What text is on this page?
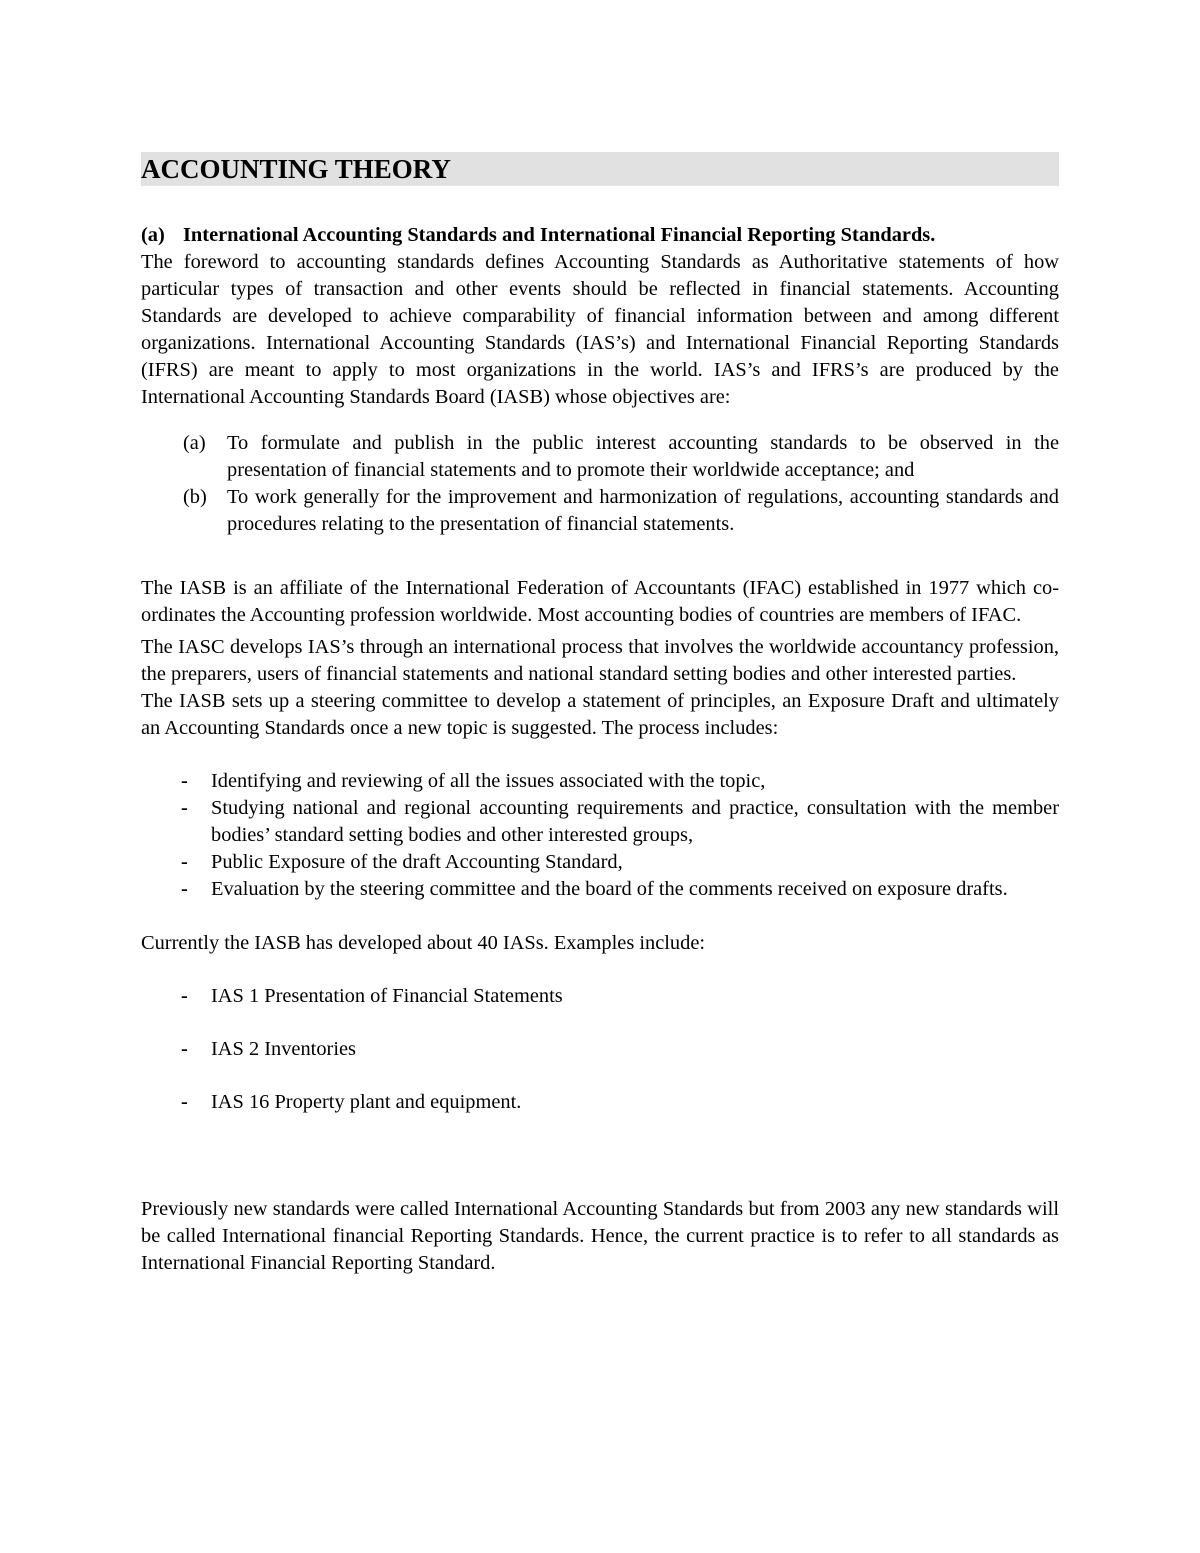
ACCOUNTING THEORY
(a) International Accounting Standards and International Financial Reporting Standards.

The foreword to accounting standards defines Accounting Standards as Authoritative statements of how particular types of transaction and other events should be reflected in financial statements. Accounting Standards are developed to achieve comparability of financial information between and among different organizations. International Accounting Standards (IAS’s) and International Financial Reporting Standards (IFRS) are meant to apply to most organizations in the world. IAS’s and IFRS’s are produced by the International Accounting Standards Board (IASB) whose objectives are:

(a) To formulate and publish in the public interest accounting standards to be observed in the presentation of financial statements and to promote their worldwide acceptance; and
(b) To work generally for the improvement and harmonization of regulations, accounting standards and procedures relating to the presentation of financial statements.

The IASB is an affiliate of the International Federation of Accountants (IFAC) established in 1977 which co-ordinates the Accounting profession worldwide. Most accounting bodies of countries are members of IFAC.

The IASC develops IAS’s through an international process that involves the worldwide accountancy profession, the preparers, users of financial statements and national standard setting bodies and other interested parties.

The IASB sets up a steering committee to develop a statement of principles, an Exposure Draft and ultimately an Accounting Standards once a new topic is suggested. The process includes:

- Identifying and reviewing of all the issues associated with the topic,
- Studying national and regional accounting requirements and practice, consultation with the member bodies’ standard setting bodies and other interested groups,
- Public Exposure of the draft Accounting Standard,
- Evaluation by the steering committee and the board of the comments received on exposure drafts.

Currently the IASB has developed about 40 IASs. Examples include:

- IAS 1 Presentation of Financial Statements
- IAS 2 Inventories
- IAS 16 Property plant and equipment.

Previously new standards were called International Accounting Standards but from 2003 any new standards will be called International financial Reporting Standards. Hence, the current practice is to refer to all standards as International Financial Reporting Standard.
